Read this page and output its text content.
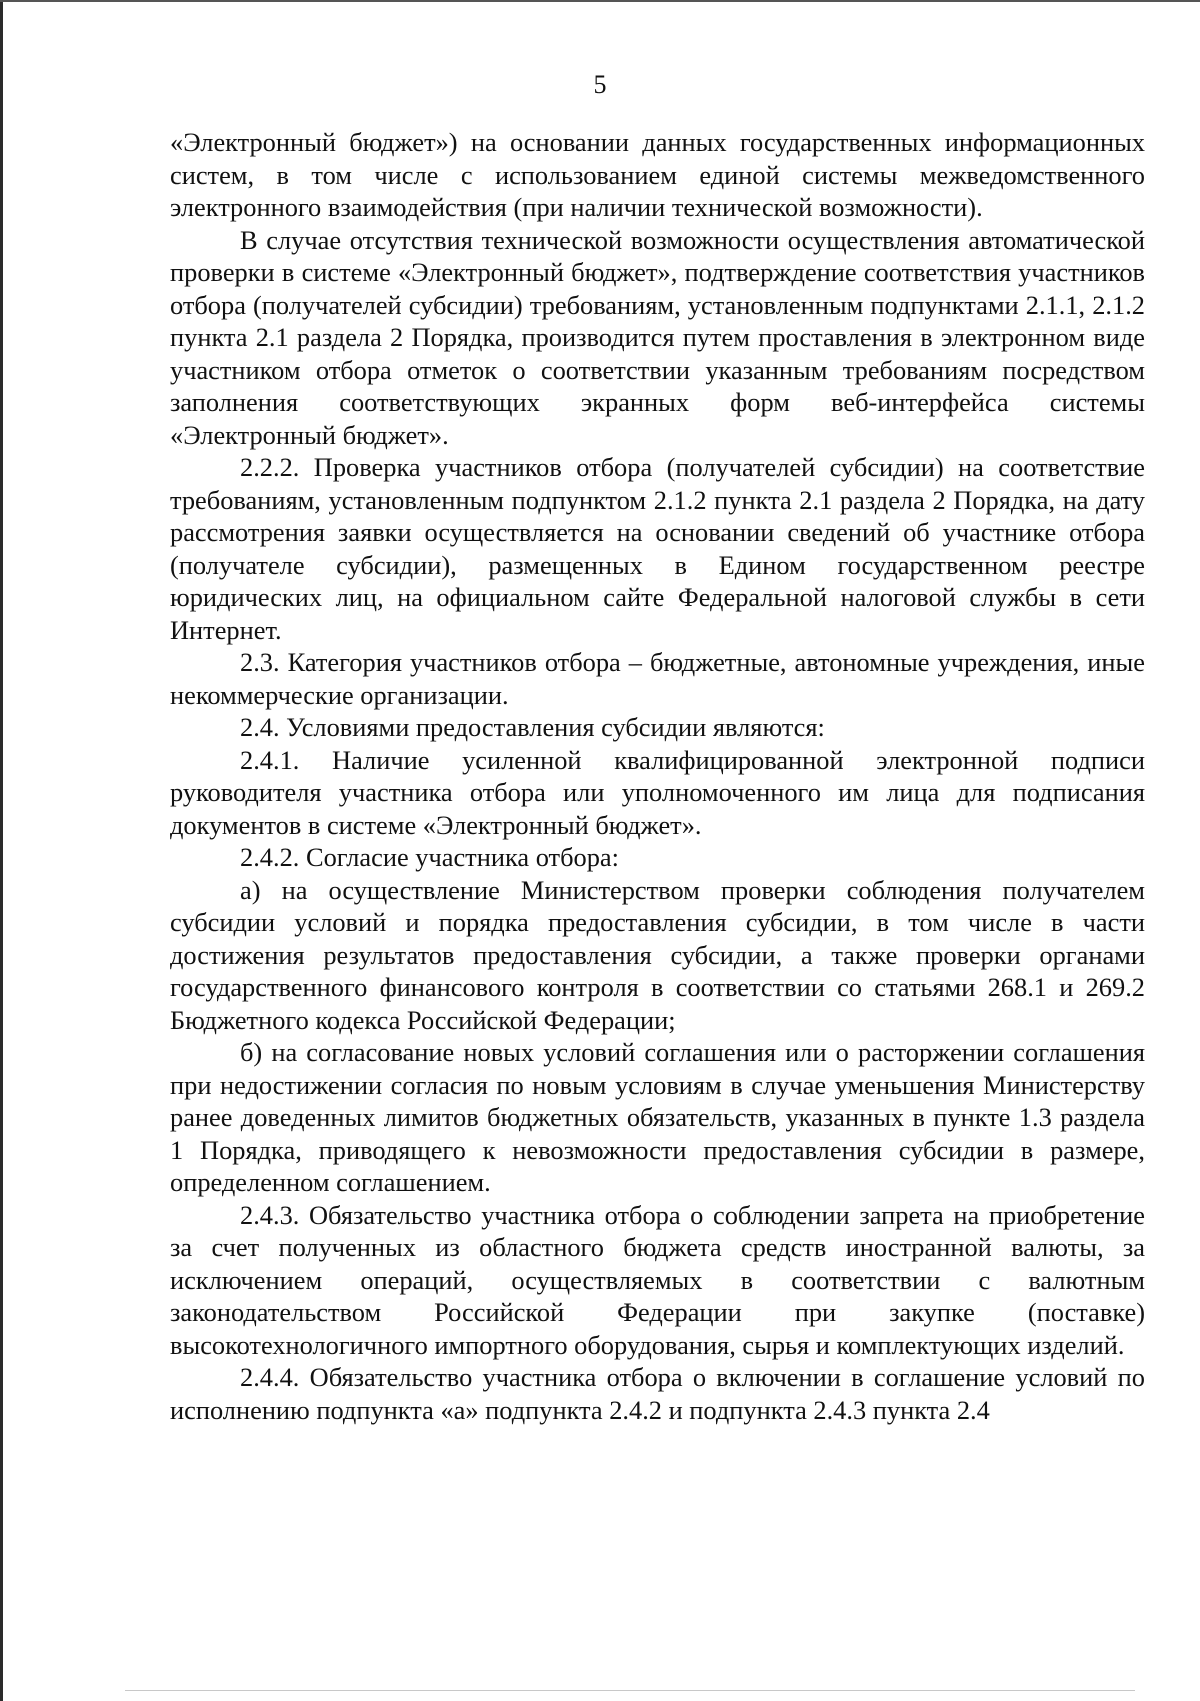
5

«Электронный бюджет») на основании данных государственных информационных систем, в том числе с использованием единой системы межведомственного электронного взаимодействия (при наличии технической возможности).

В случае отсутствия технической возможности осуществления автоматической проверки в системе «Электронный бюджет», подтверждение соответствия участников отбора (получателей субсидии) требованиям, установленным подпунктами 2.1.1, 2.1.2 пункта 2.1 раздела 2 Порядка, производится путем проставления в электронном виде участником отбора отметок о соответствии указанным требованиям посредством заполнения соответствующих экранных форм веб-интерфейса системы «Электронный бюджет».

2.2.2. Проверка участников отбора (получателей субсидии) на соответствие требованиям, установленным подпунктом 2.1.2 пункта 2.1 раздела 2 Порядка, на дату рассмотрения заявки осуществляется на основании сведений об участнике отбора (получателе субсидии), размещенных в Едином государственном реестре юридических лиц, на официальном сайте Федеральной налоговой службы в сети Интернет.

2.3. Категория участников отбора – бюджетные, автономные учреждения, иные некоммерческие организации.

2.4. Условиями предоставления субсидии являются:

2.4.1. Наличие усиленной квалифицированной электронной подписи руководителя участника отбора или уполномоченного им лица для подписания документов в системе «Электронный бюджет».

2.4.2. Согласие участника отбора:

а) на осуществление Министерством проверки соблюдения получателем субсидии условий и порядка предоставления субсидии, в том числе в части достижения результатов предоставления субсидии, а также проверки органами государственного финансового контроля в соответствии со статьями 268.1 и 269.2 Бюджетного кодекса Российской Федерации;

б) на согласование новых условий соглашения или о расторжении соглашения при недостижении согласия по новым условиям в случае уменьшения Министерству ранее доведенных лимитов бюджетных обязательств, указанных в пункте 1.3 раздела 1 Порядка, приводящего к невозможности предоставления субсидии в размере, определенном соглашением.

2.4.3. Обязательство участника отбора о соблюдении запрета на приобретение за счет полученных из областного бюджета средств иностранной валюты, за исключением операций, осуществляемых в соответствии с валютным законодательством Российской Федерации при закупке (поставке) высокотехнологичного импортного оборудования, сырья и комплектующих изделий.

2.4.4. Обязательство участника отбора о включении в соглашение условий по исполнению подпункта «а» подпункта 2.4.2 и подпункта 2.4.3 пункта 2.4
